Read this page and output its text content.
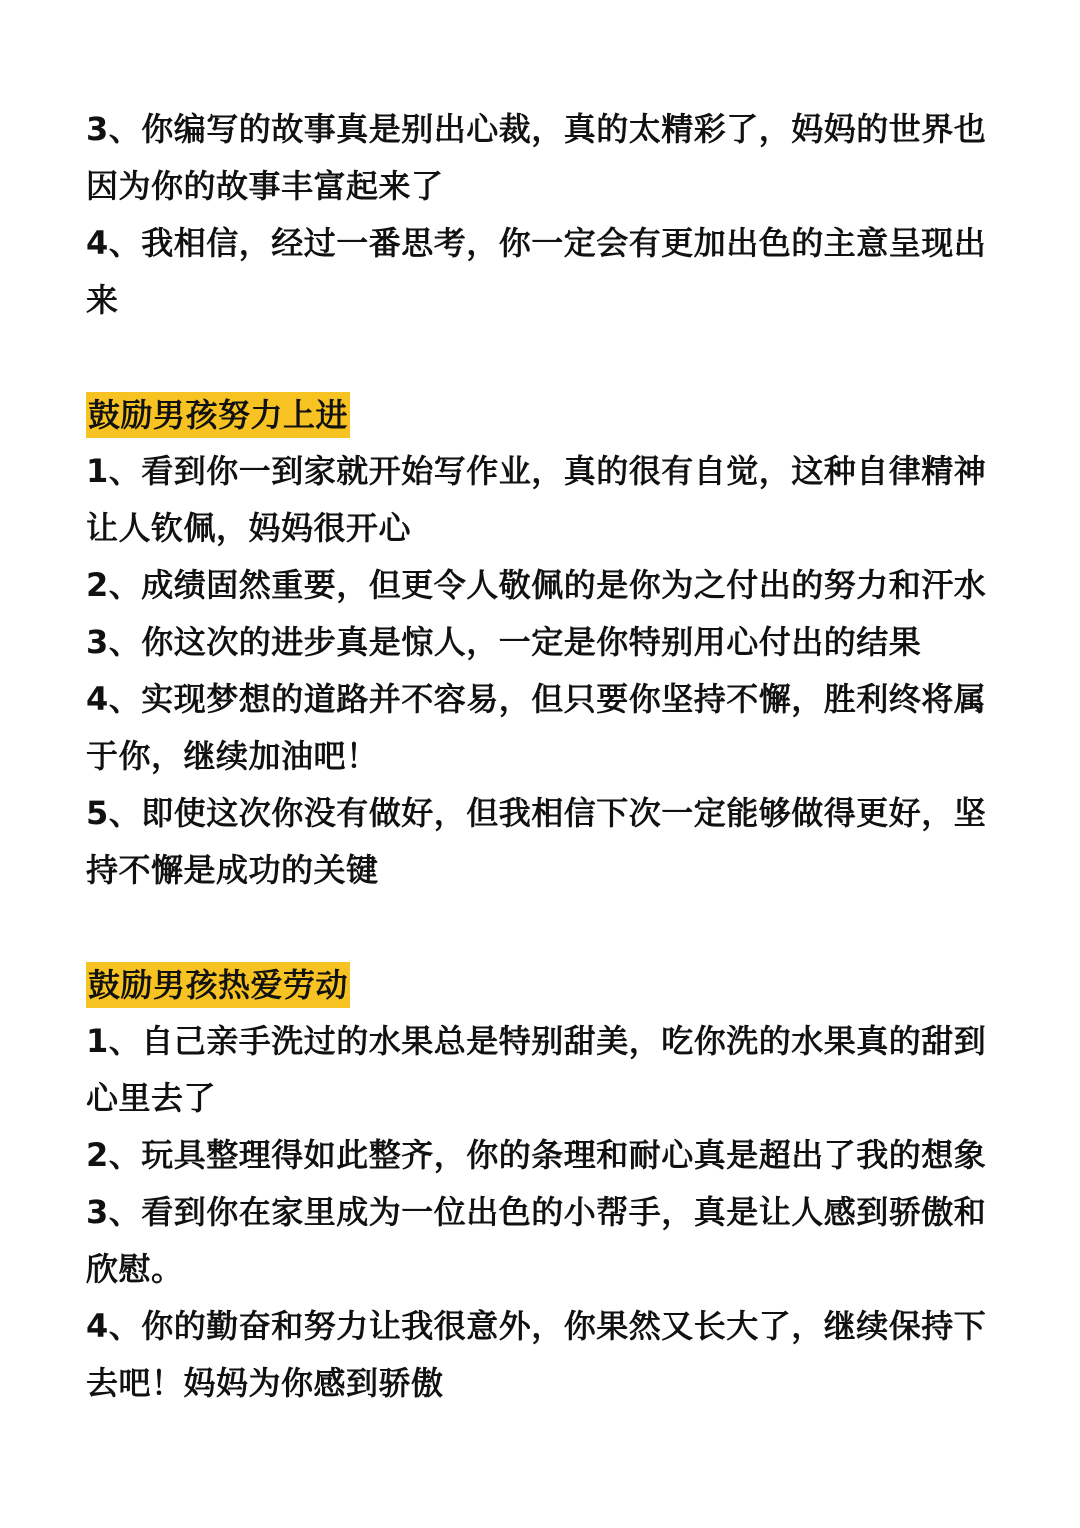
3、你编写的故事真是别出心裁，真的太精彩了，妈妈的世界也因为你的故事丰富起来了

4、我相信，经过一番思考，你一定会有更加出色的主意呈现出来

鼓励男孩努力上进

1、看到你一到家就开始写作业，真的很有自觉，这种自律精神让人钦佩，妈妈很开心

2、成绩固然重要，但更令人敬佩的是你为之付出的努力和汗水

3、你这次的进步真是惊人，一定是你特别用心付出的结果

4、实现梦想的道路并不容易，但只要你坚持不懈，胜利终将属于你，继续加油吧！

5、即使这次你没有做好，但我相信下次一定能够做得更好，坚持不懈是成功的关键

鼓励男孩热爱劳动

1、自己亲手洗过的水果总是特别甜美，吃你洗的水果真的甜到心里去了

2、玩具整理得如此整齐，你的条理和耐心真是超出了我的想象

3、看到你在家里成为一位出色的小帮手，真是让人感到骄傲和欣慰。

4、你的勤奋和努力让我很意外，你果然又长大了，继续保持下去吧！妈妈为你感到骄傲
